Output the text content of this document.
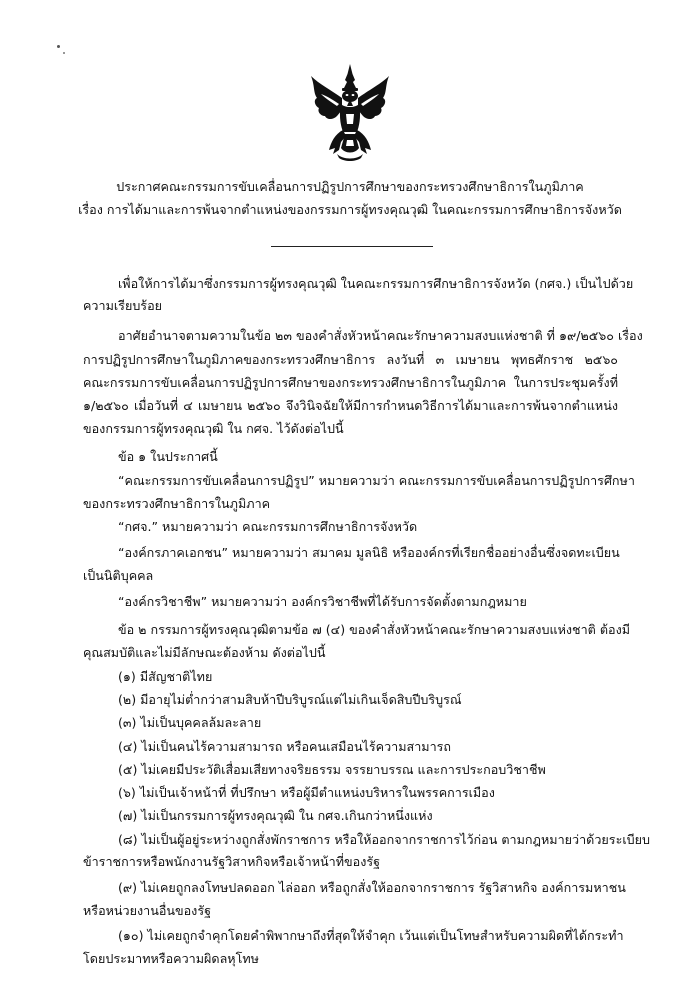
ประกาศคณะกรรมการขับเคลื่อนการปฏิรูปการศึกษาของกระทรวงศึกษาธิการในภูมิภาค
เรื่อง การได้มาและการพ้นจากตำแหน่งของกรรมการผู้ทรงคุณวุฒิ ในคณะกรรมการศึกษาธิการจังหวัด
เพื่อให้การได้มาซึ่งกรรมการผู้ทรงคุณวุฒิ ในคณะกรรมการศึกษาธิการจังหวัด (กศจ.) เป็นไปด้วย
ความเรียบร้อย
อาศัยอำนาจตามความในข้อ ๒๓ ของคำสั่งหัวหน้าคณะรักษาความสงบแห่งชาติ ที่ ๑๙/๒๕๖๐ เรื่อง
การปฏิรูปการศึกษาในภูมิภาคของกระทรวงศึกษาธิการ ลงวันที่ ๓ เมษายน พุทธศักราช ๒๕๖๐
คณะกรรมการขับเคลื่อนการปฏิรูปการศึกษาของกระทรวงศึกษาธิการในภูมิภาค ในการประชุมครั้งที่
๑/๒๕๖๐ เมื่อวันที่ ๔ เมษายน ๒๕๖๐ จึงวินิจฉัยให้มีการกำหนดวิธีการได้มาและการพ้นจากตำแหน่ง
ของกรรมการผู้ทรงคุณวุฒิ ใน กศจ. ไว้ดังต่อไปนี้
ข้อ ๑ ในประกาศนี้
“คณะกรรมการขับเคลื่อนการปฏิรูป” หมายความว่า คณะกรรมการขับเคลื่อนการปฏิรูปการศึกษา
ของกระทรวงศึกษาธิการในภูมิภาค
“กศจ.” หมายความว่า คณะกรรมการศึกษาธิการจังหวัด
“องค์กรภาคเอกชน” หมายความว่า สมาคม มูลนิธิ หรือองค์กรที่เรียกชื่ออย่างอื่นซึ่งจดทะเบียน
เป็นนิติบุคคล
“องค์กรวิชาชีพ” หมายความว่า องค์กรวิชาชีพที่ได้รับการจัดตั้งตามกฎหมาย
ข้อ ๒ กรรมการผู้ทรงคุณวุฒิตามข้อ ๗ (๔) ของคำสั่งหัวหน้าคณะรักษาความสงบแห่งชาติ ต้องมี
คุณสมบัติและไม่มีลักษณะต้องห้าม ดังต่อไปนี้
(๑) มีสัญชาติไทย
(๒) มีอายุไม่ต่ำกว่าสามสิบห้าปีบริบูรณ์แต่ไม่เกินเจ็ดสิบปีบริบูรณ์
(๓) ไม่เป็นบุคคลล้มละลาย
(๔) ไม่เป็นคนไร้ความสามารถ หรือคนเสมือนไร้ความสามารถ
(๕) ไม่เคยมีประวัติเสื่อมเสียทางจริยธรรม จรรยาบรรณ และการประกอบวิชาชีพ
(๖) ไม่เป็นเจ้าหน้าที่ ที่ปรึกษา หรือผู้มีตำแหน่งบริหารในพรรคการเมือง
(๗) ไม่เป็นกรรมการผู้ทรงคุณวุฒิ ใน กศจ.เกินกว่าหนึ่งแห่ง
(๘) ไม่เป็นผู้อยู่ระหว่างถูกสั่งพักราชการ หรือให้ออกจากราชการไว้ก่อน ตามกฎหมายว่าด้วยระเบียบ
ข้าราชการหรือพนักงานรัฐวิสาหกิจหรือเจ้าหน้าที่ของรัฐ
(๙) ไม่เคยถูกลงโทษปลดออก ไล่ออก หรือถูกสั่งให้ออกจากราชการ รัฐวิสาหกิจ องค์การมหาชน
หรือหน่วยงานอื่นของรัฐ
(๑๐) ไม่เคยถูกจำคุกโดยคำพิพากษาถึงที่สุดให้จำคุก เว้นแต่เป็นโทษสำหรับความผิดที่ได้กระทำ
โดยประมาทหรือความผิดลหุโทษ
